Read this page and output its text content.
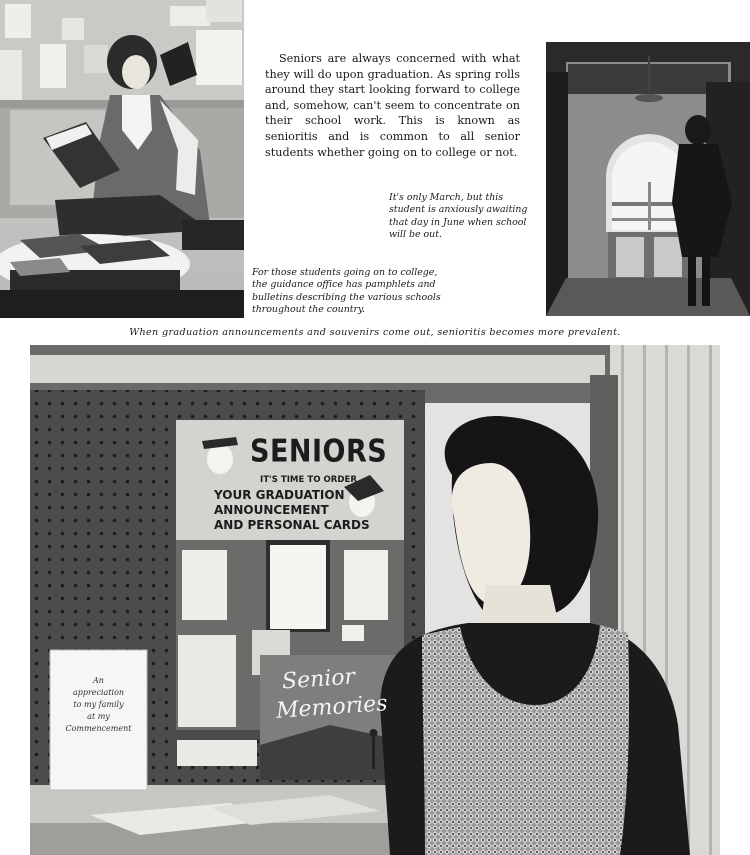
Seniors are always concerned with what they will do upon graduation. As spring rolls around they start looking forward to college and, somehow, can't seem to concentrate on their school work. This is known as senioritis and is common to all senior students whether going on to college or not.

It's only March, but this student is anxiously awaiting that day in June when school will be out.

For those students going on to college, the guidance office has pamphlets and bulletins describing the various schools throughout the country.

When graduation announcements and souvenirs come out, senioritis becomes more prevalent.

SENIORS
IT'S TIME TO ORDER
YOUR GRADUATION
ANNOUNCEMENT
AND PERSONAL CARDS
Senior
Memories
An
appreciation
to my family
at my
Commencement
